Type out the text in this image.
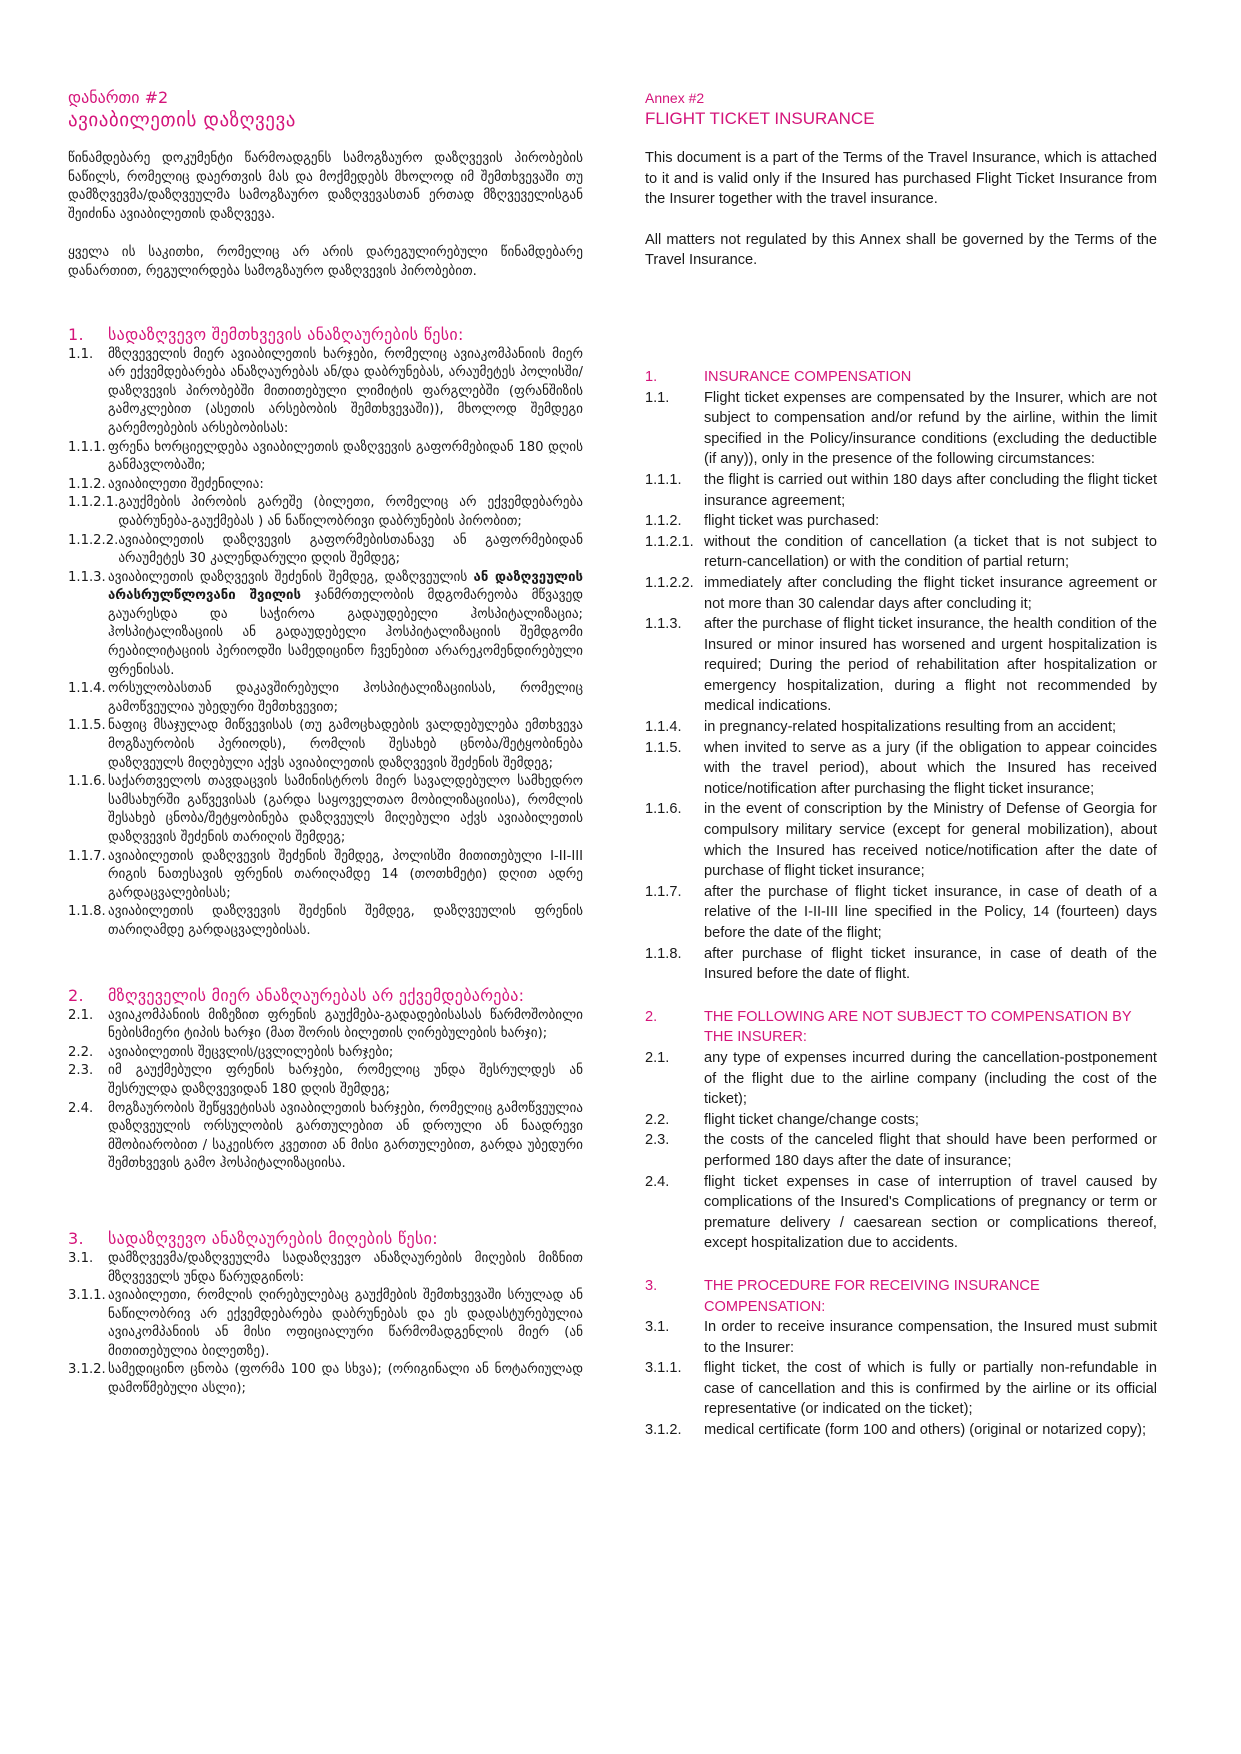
დანართი #2
ავიაბილეთის დაზღვევა

წინამდებარე დოკუმენტი წარმოადგენს სამოგზაურო დაზღვევის პირობების ნაწილს, რომელიც დაერთვის მას და მოქმედებს მხოლოდ იმ შემთხვევაში თუ დამზღვევმა/დაზღვეულმა სამოგზაურო დაზღვევასთან ერთად მზღვეველისგან შეიძინა ავიაბილეთის დაზღვევა.

ყველა ის საკითხი, რომელიც არ არის დარეგულირებული წინამდებარე დანართით, რეგულირდება სამოგზაურო დაზღვევის პირობებით.

1.	სადაზღვევო შემთხვევის ანაზღაურების წესი:
1.1.	მზღვეველის მიერ ავიაბილეთის ხარჯები, რომელიც ავიაკომპანიის მიერ არ ექვემდებარება ანაზღაურებას ან/და დაბრუნებას, არაუმეტეს პოლისში/დაზღვევის პირობებში მითითებული ლიმიტის ფარგლებში (ფრანშიზის გამოკლებით (ასეთის არსებობის შემთხვევაში)), მხოლოდ შემდეგი გარემოებების არსებობისას:
1.1.1. ფრენა ხორციელდება ავიაბილეთის დაზღვევის გაფორმებიდან 180 დღის განმავლობაში;
1.1.2. ავიაბილეთი შეძენილია:
1.1.2.1. გაუქმების პირობის გარეშე (ბილეთი, რომელიც არ ექვემდებარება დაბრუნება-გაუქმებას ) ან ნაწილობრივი დაბრუნების პირობით;
1.1.2.2. ავიაბილეთის დაზღვევის გაფორმებისთანავე ან გაფორმებიდან არაუმეტეს 30 კალენდარული დღის შემდეგ;
1.1.3. ავიაბილეთის დაზღვევის შეძენის შემდეგ, დაზღვეულის ან დაზღვეულის არასრულწლოვანი შვილის ჯანმრთელობის მდგომარეობა მწვავედ გაუარესდა და საჭიროა გადაუდებელი ჰოსპიტალიზაცია; ჰოსპიტალიზაციის ან გადაუდებელი ჰოსპიტალიზაციის შემდგომი რეაბილიტაციის პერიოდში სამედიცინო ჩვენებით არარეკომენდირებული ფრენისას.
1.1.4. ორსულობასთან დაკავშირებული ჰოსპიტალიზაციისას, რომელიც გამოწვეულია უბედური შემთხვევით;
1.1.5. ნაფიც მსაჯულად მიწვევისას (თუ გამოცხადების ვალდებულება ემთხვევა მოგზაურობის პერიოდს), რომლის შესახებ ცნობა/შეტყობინება დაზღვეულს მიღებული აქვს ავიაბილეთის დაზღვევის შეძენის შემდეგ;
1.1.6. საქართველოს თავდაცვის სამინისტროს მიერ სავალდებულო სამხედრო სამსახურში გაწვევისას (გარდა საყოველთაო მობილიზაციისა), რომლის შესახებ ცნობა/შეტყობინება დაზღვეულს მიღებული აქვს ავიაბილეთის დაზღვევის შეძენის თარიღის შემდეგ;
1.1.7. ავიაბილეთის დაზღვევის შეძენის შემდეგ, პოლისში მითითებული I-II-III რიგის ნათესავის ფრენის თარიღამდე 14 (თოთხმეტი) დღით ადრე გარდაცვალებისას;
1.1.8. ავიაბილეთის დაზღვევის შეძენის შემდეგ, დაზღვეულის ფრენის თარიღამდე გარდაცვალებისას.
2.	მზღვეველის მიერ ანაზღაურებას არ ექვემდებარება:
2.1.	ავიაკომპანიის მიზეზით ფრენის გაუქმება-გადადებისასას წარმოშობილი ნებისმიერი ტიპის ხარჯი (მათ შორის ბილეთის ღირებულების ხარჯი);
2.2.	ავიაბილეთის შეცვლის/ცვლილების ხარჯები;
2.3.	იმ გაუქმებული ფრენის ხარჯები, რომელიც უნდა შესრულდეს ან შესრულდა დაზღვევიდან 180 დღის შემდეგ;
2.4.	მოგზაურობის შეწყვეტისას ავიაბილეთის ხარჯები, რომელიც გამოწვეულია დაზღვეულის ორსულობის გართულებით ან დროული ან ნაადრევი მშობიარობით / საკეისრო კვეთით ან მისი გართულებით, გარდა უბედური შემთხვევის გამო ჰოსპიტალიზაციისა.
3.	სადაზღვევო ანაზღაურების მიღების წესი:
3.1.	დამზღვევმა/დაზღვეულმა სადაზღვევო ანაზღაურების მიღების მიზნით მზღვეველს უნდა წარუდგინოს:
3.1.1. ავიაბილეთი, რომლის ღირებულებაც გაუქმების შემთხვევაში სრულად ან ნაწილობრივ არ ექვემდებარება დაბრუნებას და ეს დადასტურებულია ავიაკომპანიის ან მისი ოფიციალური წარმომადგენლის მიერ (ან მითითებულია ბილეთზე).
3.1.2. სამედიცინო ცნობა (ფორმა 100 და სხვა); (ორიგინალი ან ნოტარიულად დამოწმებული ასლი);
Annex #2
FLIGHT TICKET INSURANCE

This document is a part of the Terms of the Travel Insurance, which is attached to it and is valid only if the Insured has purchased Flight Ticket Insurance from the Insurer together with the travel insurance.

All matters not regulated by this Annex shall be governed by the Terms of the Travel Insurance.

1.	INSURANCE COMPENSATION
1.1.	Flight ticket expenses are compensated by the Insurer, which are not subject to compensation and/or refund by the airline, within the limit specified in the Policy/insurance conditions (excluding the deductible (if any)), only in the presence of the following circumstances:
1.1.1.	the flight is carried out within 180 days after concluding the flight ticket insurance agreement;
1.1.2.	flight ticket was purchased:
1.1.2.1. without the condition of cancellation (a ticket that is not subject to return-cancellation) or with the condition of partial return;
1.1.2.2. immediately after concluding the flight ticket insurance agreement or not more than 30 calendar days after concluding it;
1.1.3.	after the purchase of flight ticket insurance, the health condition of the Insured or minor insured has worsened and urgent hospitalization is required; During the period of rehabilitation after hospitalization or emergency hospitalization, during a flight not recommended by medical indications.
1.1.4.	in pregnancy-related hospitalizations resulting from an accident;
1.1.5.	when invited to serve as a jury (if the obligation to appear coincides with the travel period), about which the Insured has received notice/notification after purchasing the flight ticket insurance;
1.1.6.	in the event of conscription by the Ministry of Defense of Georgia for compulsory military service (except for general mobilization), about which the Insured has received notice/notification after the date of purchase of flight ticket insurance;
1.1.7.	after the purchase of flight ticket insurance, in case of death of a relative of the I-II-III line specified in the Policy, 14 (fourteen) days before the date of the flight;
1.1.8.	after purchase of flight ticket insurance, in case of death of the Insured before the date of flight.
2.	THE FOLLOWING ARE NOT SUBJECT TO COMPENSATION BY THE INSURER:
2.1.	any type of expenses incurred during the cancellation-postponement of the flight due to the airline company (including the cost of the ticket);
2.2.	flight ticket change/change costs;
2.3.	the costs of the canceled flight that should have been performed or performed 180 days after the date of insurance;
2.4.	flight ticket expenses in case of interruption of travel caused by complications of the Insured's Complications of pregnancy or term or premature delivery / caesarean section or complications thereof, except hospitalization due to accidents.
3.	THE PROCEDURE FOR RECEIVING INSURANCE COMPENSATION:
3.1.	In order to receive insurance compensation, the Insured must submit to the Insurer:
3.1.1.	flight ticket, the cost of which is fully or partially non-refundable in case of cancellation and this is confirmed by the airline or its official representative (or indicated on the ticket);
3.1.2.	medical certificate (form 100 and others) (original or notarized copy);
